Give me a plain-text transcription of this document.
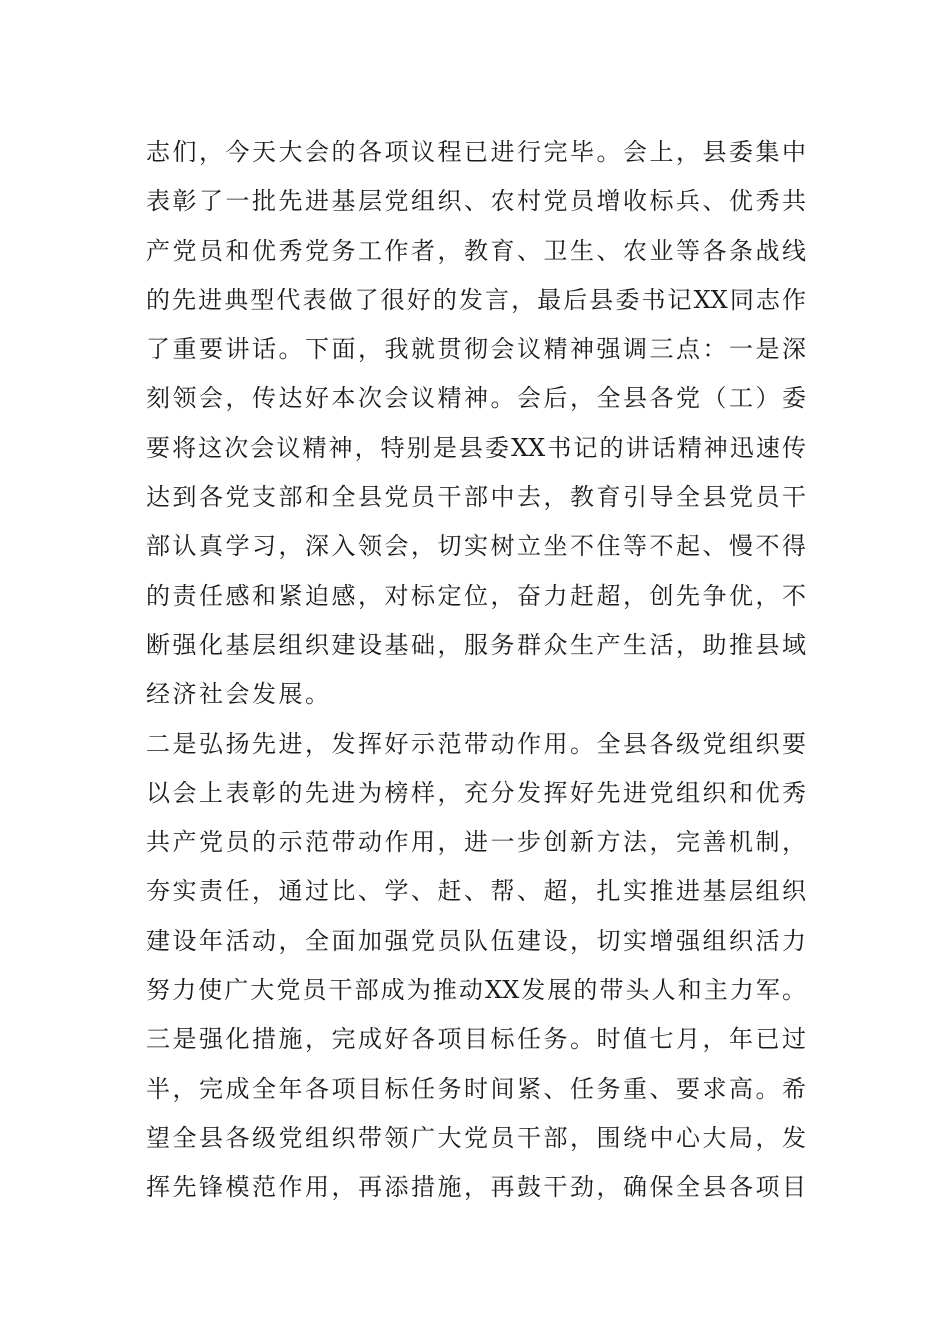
志们，今天大会的各项议程已进行完毕。会上，县委集中
表彰了一批先进基层党组织、农村党员增收标兵、优秀共
产党员和优秀党务工作者，教育、卫生、农业等各条战线
的先进典型代表做了很好的发言，最后县委书记XX同志作
了重要讲话。下面，我就贯彻会议精神强调三点：一是深
刻领会，传达好本次会议精神。会后，全县各党（工）委
要将这次会议精神，特别是县委XX书记的讲话精神迅速传
达到各党支部和全县党员干部中去，教育引导全县党员干
部认真学习，深入领会，切实树立坐不住等不起、慢不得
的责任感和紧迫感，对标定位，奋力赶超，创先争优，不
断强化基层组织建设基础，服务群众生产生活，助推县域
经济社会发展。
二是弘扬先进，发挥好示范带动作用。全县各级党组织要
以会上表彰的先进为榜样，充分发挥好先进党组织和优秀
共产党员的示范带动作用，进一步创新方法，完善机制，
夯实责任，通过比、学、赶、帮、超，扎实推进基层组织
建设年活动，全面加强党员队伍建设，切实增强组织活力
努力使广大党员干部成为推动XX发展的带头人和主力军。
三是强化措施，完成好各项目标任务。时值七月，年已过
半，完成全年各项目标任务时间紧、任务重、要求高。希
望全县各级党组织带领广大党员干部，围绕中心大局，发
挥先锋模范作用，再添措施，再鼓干劲，确保全县各项目
